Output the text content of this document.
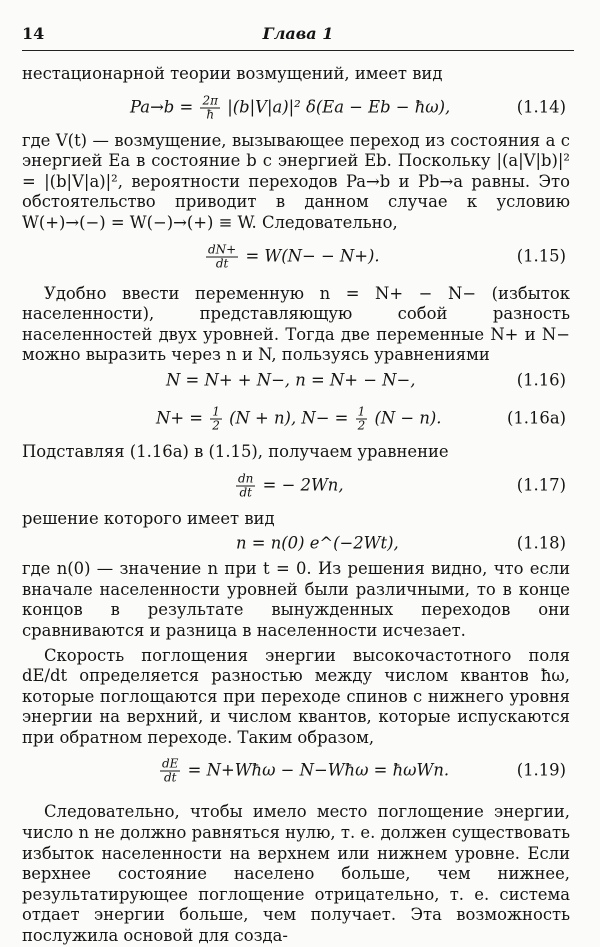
14	Глава 1

нестационарной теории возмущений, имеет вид

$Pa\to b = \frac{2\pi}{ħ} |(b|V|a)|^2$ δ(Ea − Eb − ħω),	(1.14)

где V(t) — возмущение, вызывающее переход из состояния a с энергией Ea в состояние b с энергией Eb. Поскольку |(a|V|b)|² = |(b|V|a)|², вероятности переходов Pa→b и Pb→a равны. Это обстоятельство приводит в данном случае к условию W(+)→(−) = W(−)→(+) ≡ W. Следовательно,

$\frac{dN+}{dt} = W(N- - N+)$.	(1.15)

Удобно ввести переменную n = N+ − N− (избыток населенности), представляющую собой разность населенностей двух уровней. Тогда две переменные N+ и N− можно выразить через n и N, пользуясь уравнениями

N = N+ + N−, n = N+ − N−,	(1.16)
$N+ = \frac{1}{2} (N + n)$, $N- = \frac{1}{2} (N - n)$.	(1.16а)

Подставляя (1.16а) в (1.15), получаем уравнение

$\frac{dn}{dt}$ = − 2Wn,	(1.17)

решение которого имеет вид

n = n(0) e^(−2Wt),	(1.18)

где n(0) — значение n при t = 0. Из решения видно, что если вначале населенности уровней были различными, то в конце концов в результате вынужденных переходов они сравниваются и разница в населенности исчезает.

Скорость поглощения энергии высокочастотного поля dE/dt определяется разностью между числом квантов ħω, которые поглощаются при переходе спинов с нижнего уровня энергии на верхний, и числом квантов, которые испускаются при обратном переходе. Таким образом,

$\frac{dE}{dt}$ = N+Wħω − N−Wħω = ħωWn.	(1.19)

Следовательно, чтобы имело место поглощение энергии, число n не должно равняться нулю, т. е. должен существовать избыток населенности на верхнем или нижнем уровне. Если верхнее состояние населено больше, чем нижнее, результатирующее поглощение отрицательно, т. е. система отдает энергии больше, чем получает. Эта возможность послужила основой для созда-
